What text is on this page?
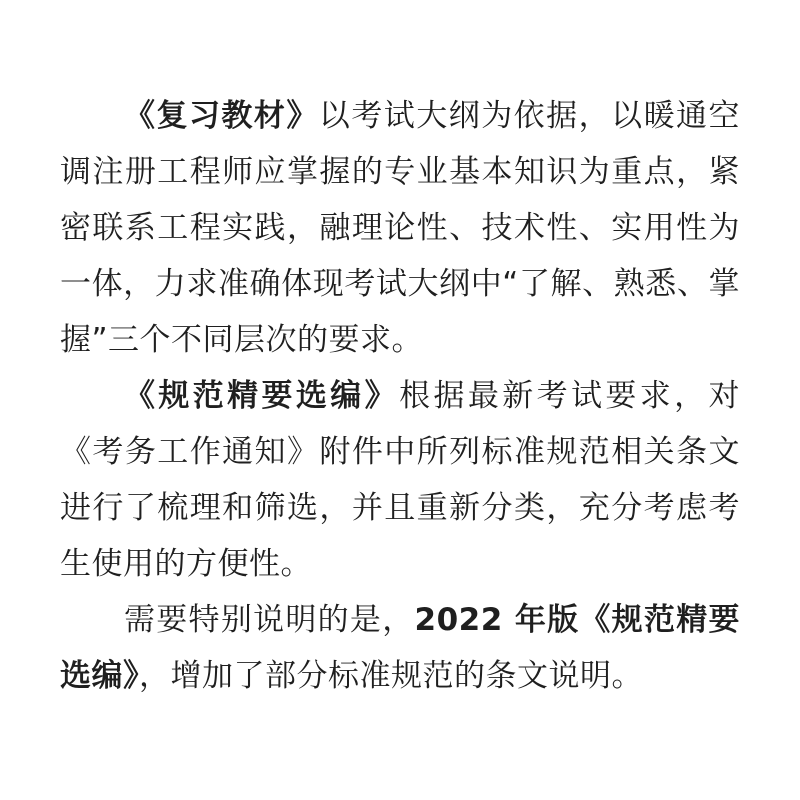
《复习教材》以考试大纲为依据，以暖通空调注册工程师应掌握的专业基本知识为重点，紧密联系工程实践，融理论性、技术性、实用性为一体，力求准确体现考试大纲中“了解、熟悉、掌握”三个不同层次的要求。

《规范精要选编》根据最新考试要求，对《考务工作通知》附件中所列标准规范相关条文进行了梳理和筛选，并且重新分类，充分考虑考生使用的方便性。

需要特别说明的是，2022 年版《规范精要选编》，增加了部分标准规范的条文说明。
